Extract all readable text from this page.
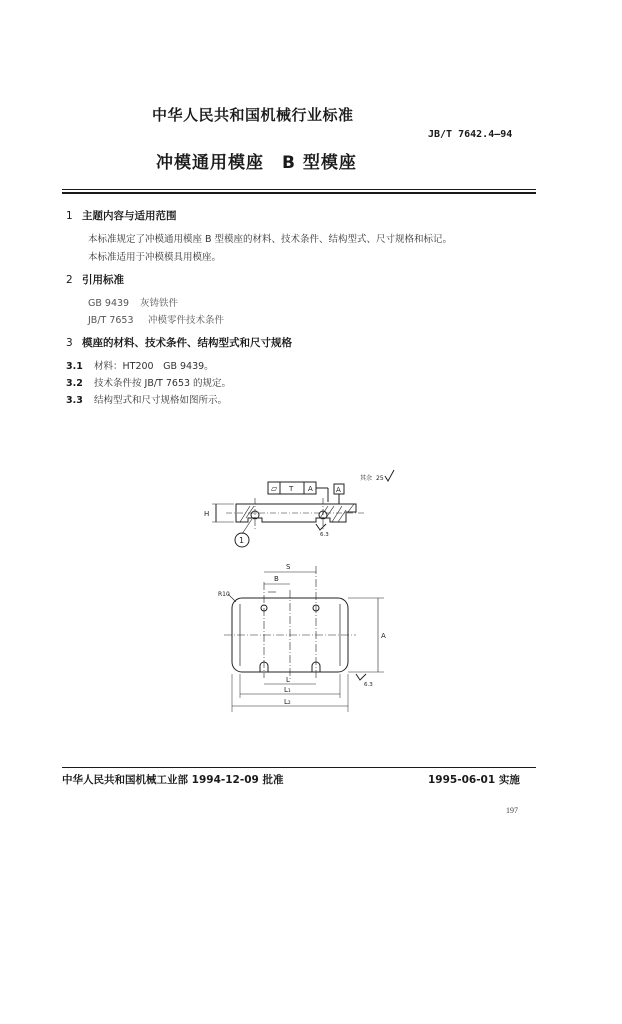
中华人民共和国机械行业标准
JB/T 7642.4—94
冲模通用模座　B 型模座
1 主题内容与适用范围
本标准规定了冲模通用模座 B 型模座的材料、技术条件、结构型式、尺寸规格和标记。
本标准适用于冲模模具用模座。
2 引用标准
GB 9439 灰铸铁件
JB/T 7653 冲模零件技术条件
3 模座的材料、技术条件、结构型式和尺寸规格
3.1 材料：HT200　GB 9439。
3.2 技术条件按 JB/T 7653 的规定。
3.3 结构型式和尺寸规格如图所示。
其余 25
▱ T A	A
H
6.3
1
R10
S
B
A
6.3
L
L₁
L₂
中华人民共和国机械工业部 1994-12-09 批准	1995-06-01 实施
197
